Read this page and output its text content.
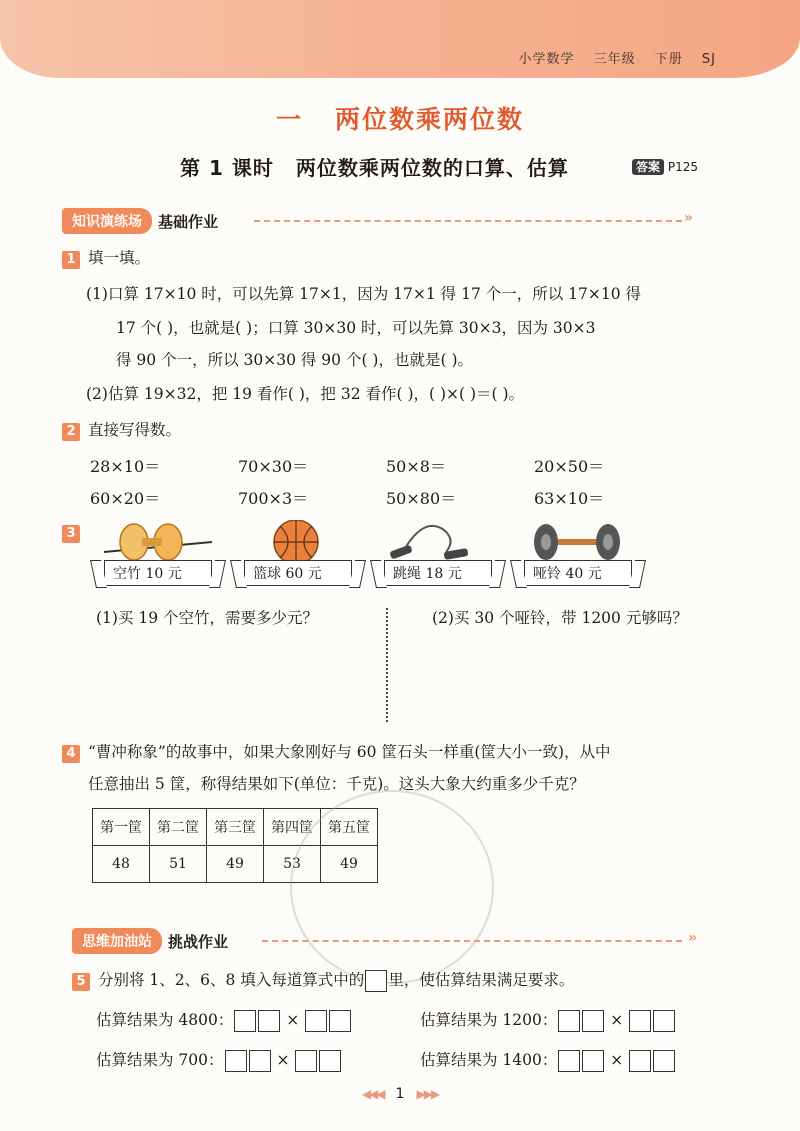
小学数学 三年级 下册 SJ
一 两位数乘两位数
第 1 课时 两位数乘两位数的口算、估算	答案 P125
知识演练场 基础作业	»
1 填一填。
(1)口算 17×10 时，可以先算 17×1，因为 17×1 得 17 个一，所以 17×10 得
17 个( )，也就是( )；口算 30×30 时，可以先算 30×3，因为 30×3
得 90 个一，所以 30×30 得 90 个( )，也就是( )。
(2)估算 19×32，把 19 看作( )，把 32 看作( )，( )×( )＝( )。
2 直接写得数。
28×10＝	70×30＝	50×8＝	20×50＝
60×20＝	700×3＝	50×80＝	63×10＝
3
空竹 10 元	篮球 60 元	跳绳 18 元	哑铃 40 元
(1)买 19 个空竹，需要多少元？	(2)买 30 个哑铃，带 1200 元够吗？
4 “曹冲称象”的故事中，如果大象刚好与 60 筐石头一样重(筐大小一致)，从中
任意抽出 5 筐，称得结果如下(单位：千克)。这头大象大约重多少千克？
第一筐	第二筐	第三筐	第四筐	第五筐
48	51	49	53	49
思维加油站 挑战作业	»
5 分别将 1、2、6、8 填入每道算式中的 里，使估算结果满足要求。
估算结果为 4800：	×	估算结果为 1200：	×
估算结果为 700：	×	估算结果为 1400：	×
◀◀◀ 1 ▶▶▶
